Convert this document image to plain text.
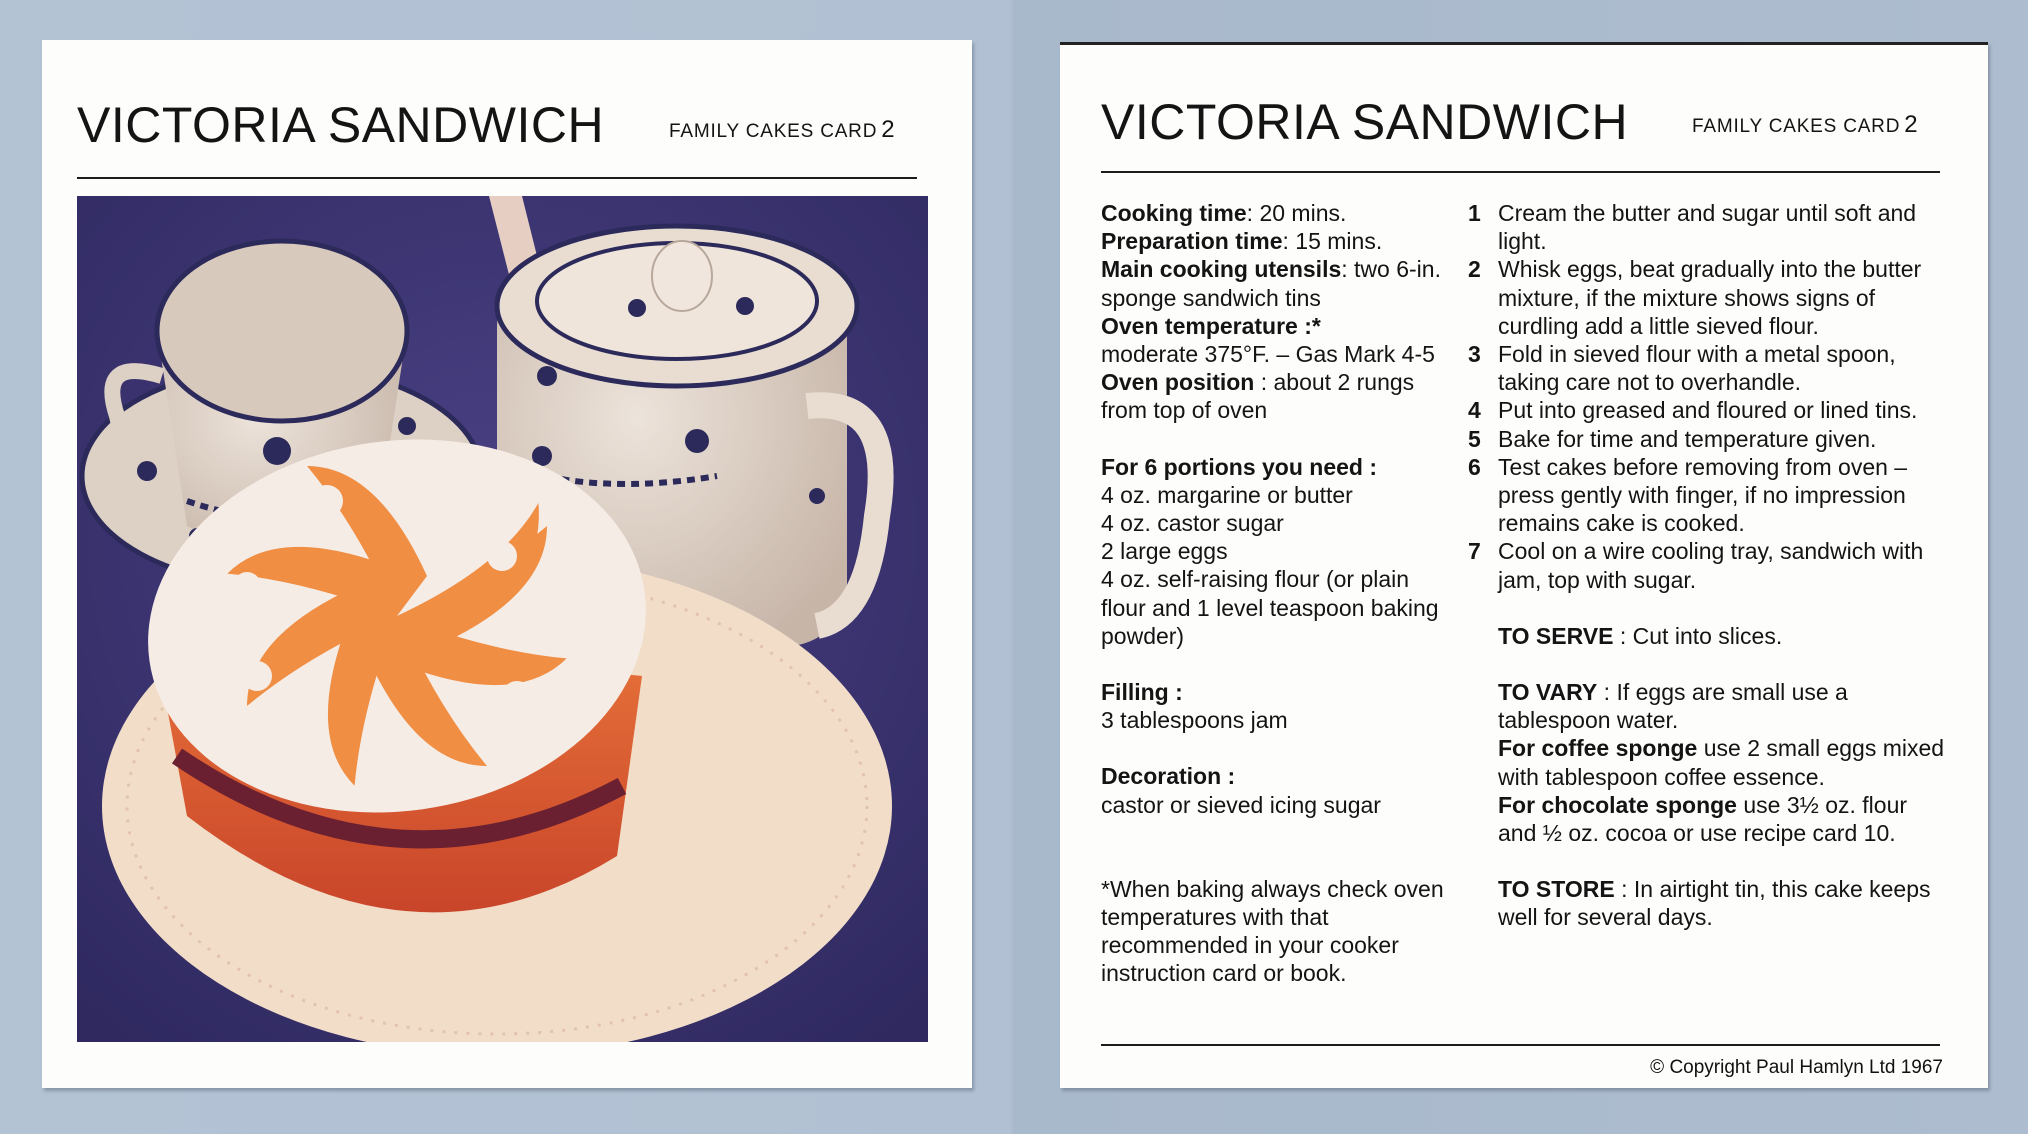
VICTORIA SANDWICH	FAMILY CAKES CARD 2	VICTORIA SANDWICH	FAMILY CAKES CARD 2

Cooking time: 20 mins.

Preparation time: 15 mins.

Main cooking utensils: two 6-in. sponge sandwich tins

Oven temperature :*
moderate 375°F. – Gas Mark 4-5

Oven position : about 2 rungs from top of oven

For 6 portions you need :

4 oz. margarine or butter

4 oz. castor sugar

2 large eggs

4 oz. self-raising flour (or plain flour and 1 level teaspoon baking powder)

Filling :

3 tablespoons jam

Decoration :

castor or sieved icing sugar

*When baking always check oven temperatures with that recommended in your cooker instruction card or book.

1 Cream the butter and sugar until soft and light.
2 Whisk eggs, beat gradually into the butter mixture, if the mixture shows signs of curdling add a little sieved flour.
3 Fold in sieved flour with a metal spoon, taking care not to overhandle.
4 Put into greased and floured or lined tins.
5 Bake for time and temperature given.
6 Test cakes before removing from oven – press gently with finger, if no impression remains cake is cooked.
7 Cool on a wire cooling tray, sandwich with jam, top with sugar.

TO SERVE : Cut into slices.

TO VARY : If eggs are small use a tablespoon water.

For coffee sponge use 2 small eggs mixed with tablespoon coffee essence.

For chocolate sponge use 3½ oz. flour and ½ oz. cocoa or use recipe card 10.

TO STORE : In airtight tin, this cake keeps well for several days.

© Copyright Paul Hamlyn Ltd 1967
